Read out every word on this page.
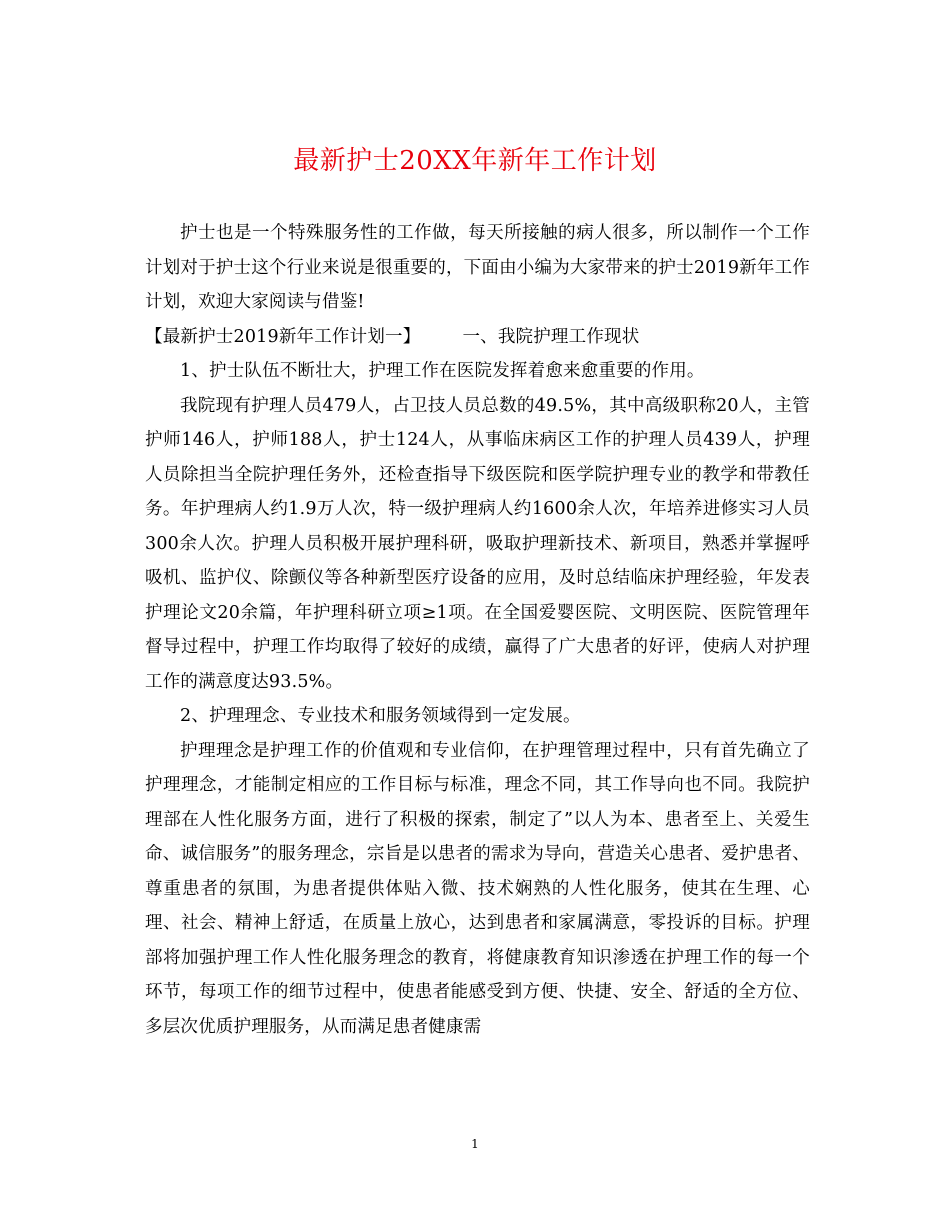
最新护士20XX年新年工作计划

护士也是一个特殊服务性的工作做，每天所接触的病人很多，所以制作一个工作计划对于护士这个行业来说是很重要的，下面由小编为大家带来的护士2019新年工作计划，欢迎大家阅读与借鉴!

【最新护士2019新年工作计划一】 一、我院护理工作现状

1、护士队伍不断壮大，护理工作在医院发挥着愈来愈重要的作用。

我院现有护理人员479人，占卫技人员总数的49.5%，其中高级职称20人，主管护师146人，护师188人，护士124人，从事临床病区工作的护理人员439人，护理人员除担当全院护理任务外，还检查指导下级医院和医学院护理专业的教学和带教任务。年护理病人约1.9万人次，特一级护理病人约1600余人次，年培养进修实习人员300余人次。护理人员积极开展护理科研，吸取护理新技术、新项目，熟悉并掌握呼吸机、监护仪、除颤仪等各种新型医疗设备的应用，及时总结临床护理经验，年发表护理论文20余篇，年护理科研立项≥1项。在全国爱婴医院、文明医院、医院管理年督导过程中，护理工作均取得了较好的成绩，赢得了广大患者的好评，使病人对护理工作的满意度达93.5%。

2、护理理念、专业技术和服务领域得到一定发展。

护理理念是护理工作的价值观和专业信仰，在护理管理过程中，只有首先确立了护理理念，才能制定相应的工作目标与标准，理念不同，其工作导向也不同。我院护理部在人性化服务方面，进行了积极的探索，制定了”以人为本、患者至上、关爱生命、诚信服务”的服务理念，宗旨是以患者的需求为导向，营造关心患者、爱护患者、尊重患者的氛围，为患者提供体贴入微、技术娴熟的人性化服务，使其在生理、心理、社会、精神上舒适，在质量上放心，达到患者和家属满意，零投诉的目标。护理部将加强护理工作人性化服务理念的教育，将健康教育知识渗透在护理工作的每一个环节，每项工作的细节过程中，使患者能感受到方便、快捷、安全、舒适的全方位、多层次优质护理服务，从而满足患者健康需

1
